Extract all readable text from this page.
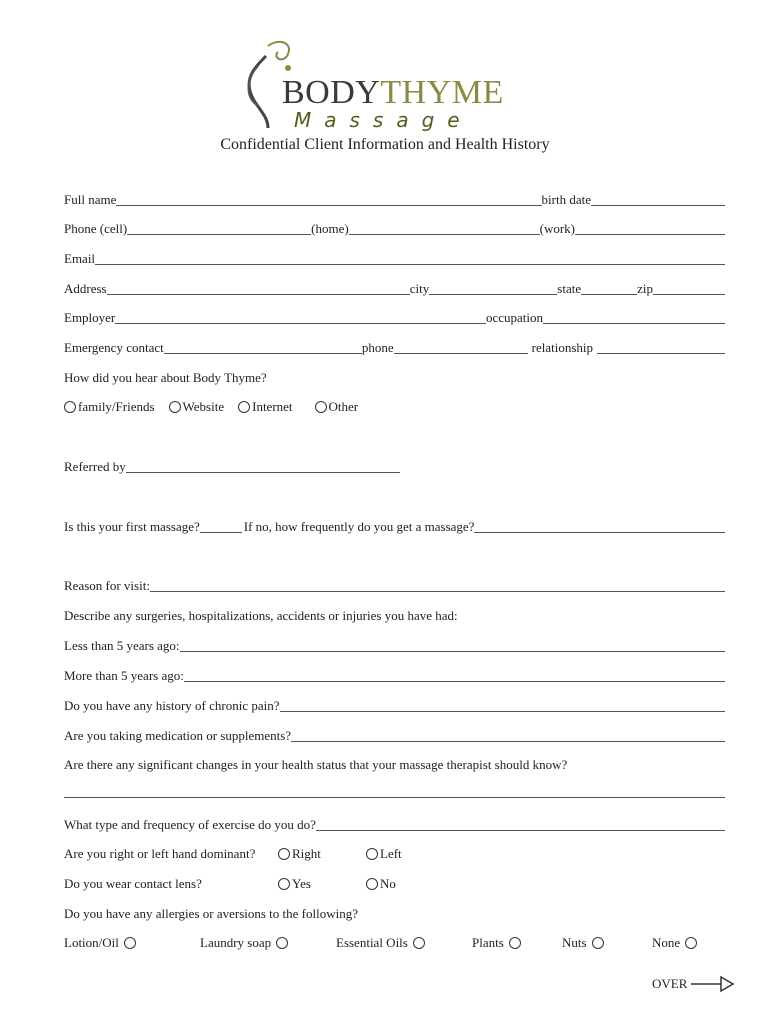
BODYTHYME
Massage
Confidential Client Information and Health History
Full name	birth date
Phone (cell)	(home)	(work)
Email
Address	city	state	zip
Employer	occupation
Emergency contact	phone	relationship
How did you hear about Body Thyme?
family/Friends Website Internet	Other
Referred by
Is this your first massage?	If no, how frequently do you get a massage?
Reason for visit:
Describe any surgeries, hospitalizations, accidents or injuries you have had:
Less than 5 years ago:
More than 5 years ago:
Do you have any history of chronic pain?
Are you taking medication or supplements?
Are there any significant changes in your health status that your massage therapist should know?
What type and frequency of exercise do you do?
Are you right or left hand dominant?	Right	Left
Do you wear contact lens?	Yes	No
Do you have any allergies or aversions to the following?
Lotion/Oil	Laundry soap	Essential Oils	Plants	Nuts	None
OVER
